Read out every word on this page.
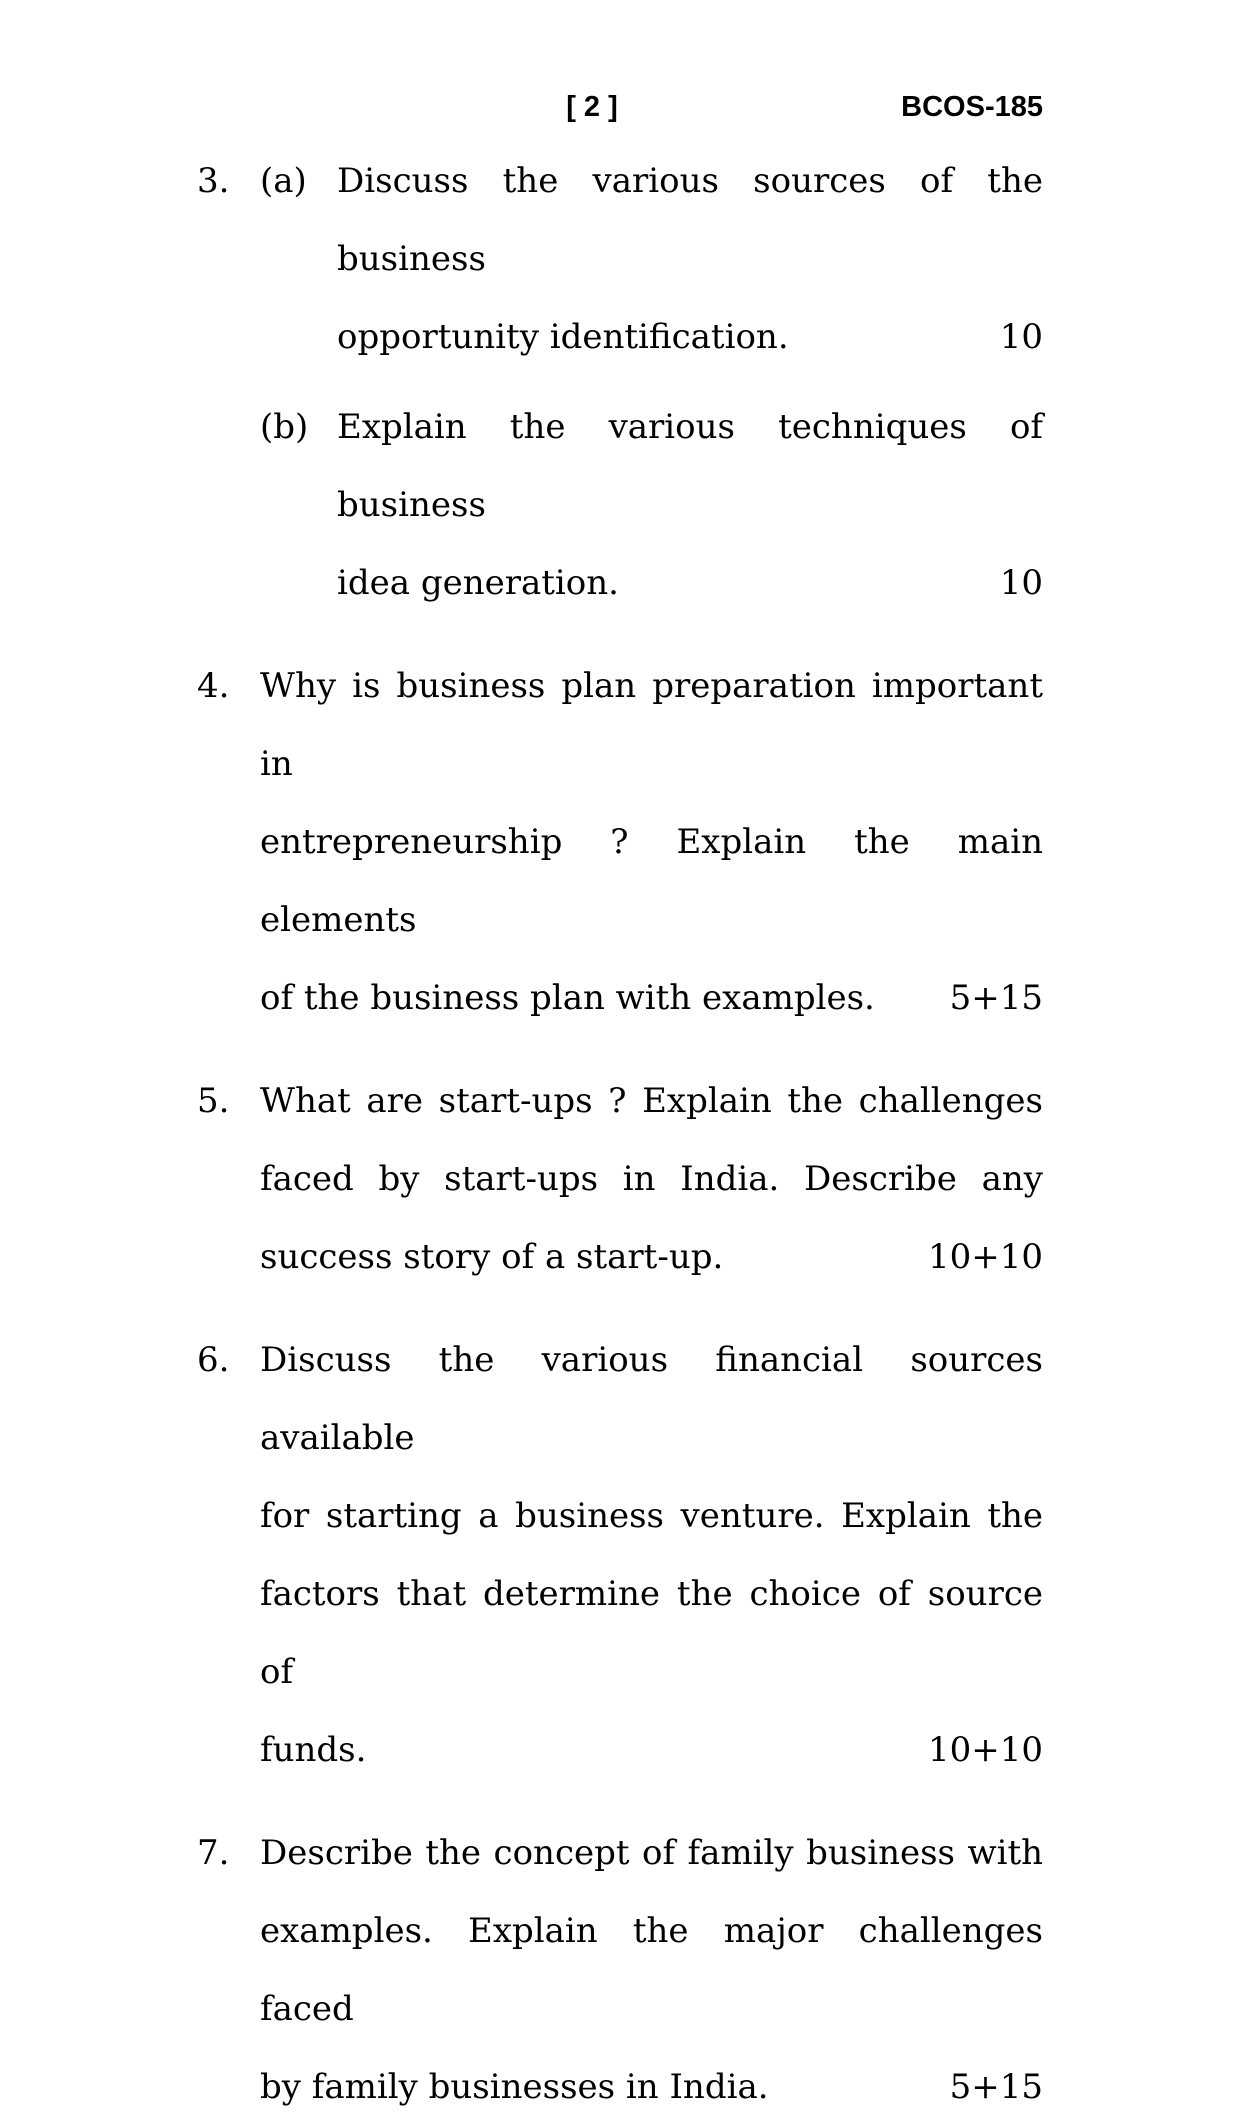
[ 2 ]	BCOS-185
3. (a) Discuss the various sources of the business
opportunity identification.	10
(b) Explain the various techniques of business
idea generation.	10
4. Why is business plan preparation important in
entrepreneurship ? Explain the main elements
of the business plan with examples.	5+15
5. What are start-ups ? Explain the challenges
faced by start-ups in India. Describe any
success story of a start-up.	10+10
6. Discuss the various financial sources available
for starting a business venture. Explain the
factors that determine the choice of source of
funds.	10+10
7. Describe the concept of family business with
examples. Explain the major challenges faced
by family businesses in India.	5+15
